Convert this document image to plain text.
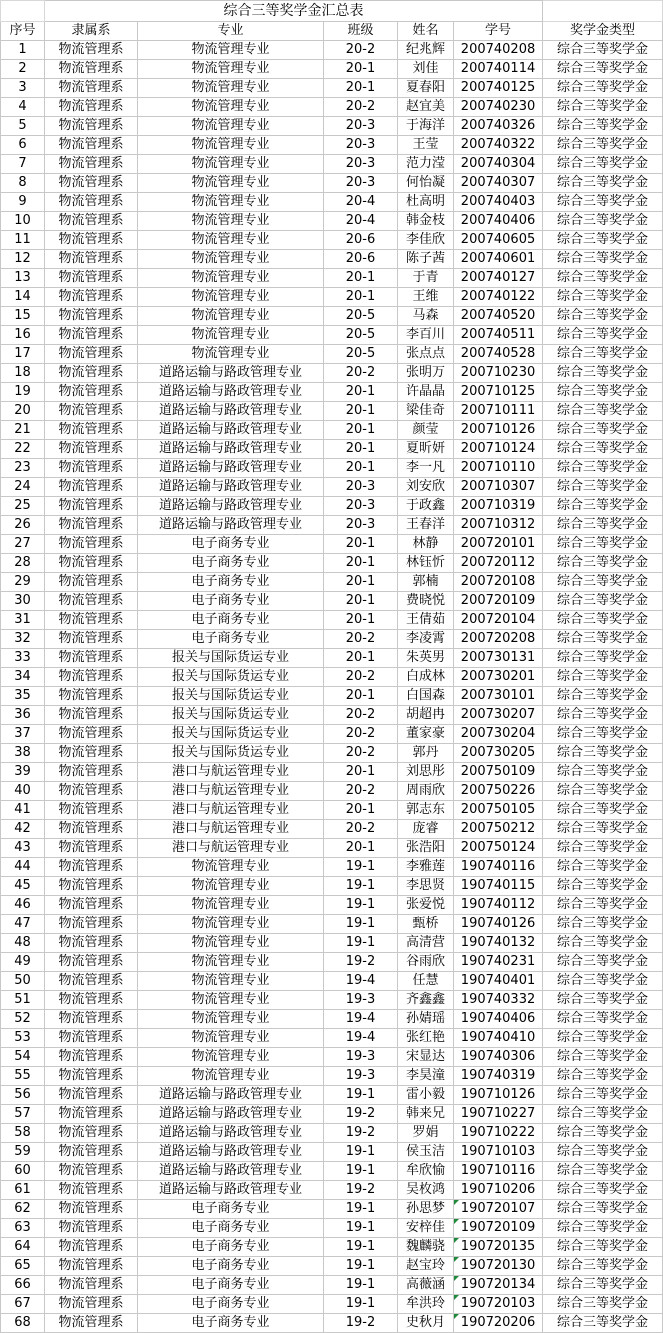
	综合三等奖学金汇总表					
序号	隶属系	专业	班级	姓名	学号	奖学金类型
1	物流管理系	物流管理专业	20-2	纪兆辉	200740208	综合三等奖学金
2	物流管理系	物流管理专业	20-1	刘佳	200740114	综合三等奖学金
3	物流管理系	物流管理专业	20-1	夏春阳	200740125	综合三等奖学金
4	物流管理系	物流管理专业	20-2	赵宜美	200740230	综合三等奖学金
5	物流管理系	物流管理专业	20-3	于海洋	200740326	综合三等奖学金
6	物流管理系	物流管理专业	20-3	王莹	200740322	综合三等奖学金
7	物流管理系	物流管理专业	20-3	范力滢	200740304	综合三等奖学金
8	物流管理系	物流管理专业	20-3	何怡凝	200740307	综合三等奖学金
9	物流管理系	物流管理专业	20-4	杜高明	200740403	综合三等奖学金
10	物流管理系	物流管理专业	20-4	韩金枝	200740406	综合三等奖学金
11	物流管理系	物流管理专业	20-6	李佳欣	200740605	综合三等奖学金
12	物流管理系	物流管理专业	20-6	陈子茜	200740601	综合三等奖学金
13	物流管理系	物流管理专业	20-1	于青	200740127	综合三等奖学金
14	物流管理系	物流管理专业	20-1	王维	200740122	综合三等奖学金
15	物流管理系	物流管理专业	20-5	马森	200740520	综合三等奖学金
16	物流管理系	物流管理专业	20-5	李百川	200740511	综合三等奖学金
17	物流管理系	物流管理专业	20-5	张点点	200740528	综合三等奖学金
18	物流管理系	道路运输与路政管理专业	20-2	张明万	200710230	综合三等奖学金
19	物流管理系	道路运输与路政管理专业	20-1	许晶晶	200710125	综合三等奖学金
20	物流管理系	道路运输与路政管理专业	20-1	梁佳奇	200710111	综合三等奖学金
21	物流管理系	道路运输与路政管理专业	20-1	颜莹	200710126	综合三等奖学金
22	物流管理系	道路运输与路政管理专业	20-1	夏昕妍	200710124	综合三等奖学金
23	物流管理系	道路运输与路政管理专业	20-1	李一凡	200710110	综合三等奖学金
24	物流管理系	道路运输与路政管理专业	20-3	刘安欣	200710307	综合三等奖学金
25	物流管理系	道路运输与路政管理专业	20-3	于政鑫	200710319	综合三等奖学金
26	物流管理系	道路运输与路政管理专业	20-3	王春洋	200710312	综合三等奖学金
27	物流管理系	电子商务专业	20-1	林静	200720101	综合三等奖学金
28	物流管理系	电子商务专业	20-1	林钰忻	200720112	综合三等奖学金
29	物流管理系	电子商务专业	20-1	郭楠	200720108	综合三等奖学金
30	物流管理系	电子商务专业	20-1	费晓悦	200720109	综合三等奖学金
31	物流管理系	电子商务专业	20-1	王倩茹	200720104	综合三等奖学金
32	物流管理系	电子商务专业	20-2	李凌霄	200720208	综合三等奖学金
33	物流管理系	报关与国际货运专业	20-1	朱英男	200730131	综合三等奖学金
34	物流管理系	报关与国际货运专业	20-2	白成林	200730201	综合三等奖学金
35	物流管理系	报关与国际货运专业	20-1	白国森	200730101	综合三等奖学金
36	物流管理系	报关与国际货运专业	20-2	胡超冉	200730207	综合三等奖学金
37	物流管理系	报关与国际货运专业	20-2	董家豪	200730204	综合三等奖学金
38	物流管理系	报关与国际货运专业	20-2	郭丹	200730205	综合三等奖学金
39	物流管理系	港口与航运管理专业	20-1	刘思彤	200750109	综合三等奖学金
40	物流管理系	港口与航运管理专业	20-2	周雨欣	200750226	综合三等奖学金
41	物流管理系	港口与航运管理专业	20-1	郭志东	200750105	综合三等奖学金
42	物流管理系	港口与航运管理专业	20-2	庞睿	200750212	综合三等奖学金
43	物流管理系	港口与航运管理专业	20-1	张浩阳	200750124	综合三等奖学金
44	物流管理系	物流管理专业	19-1	李雅莲	190740116	综合三等奖学金
45	物流管理系	物流管理专业	19-1	李思贤	190740115	综合三等奖学金
46	物流管理系	物流管理专业	19-1	张爱悦	190740112	综合三等奖学金
47	物流管理系	物流管理专业	19-1	甄桥	190740126	综合三等奖学金
48	物流管理系	物流管理专业	19-1	高清营	190740132	综合三等奖学金
49	物流管理系	物流管理专业	19-2	谷雨欣	190740231	综合三等奖学金
50	物流管理系	物流管理专业	19-4	任慧	190740401	综合三等奖学金
51	物流管理系	物流管理专业	19-3	齐鑫鑫	190740332	综合三等奖学金
52	物流管理系	物流管理专业	19-4	孙婧瑶	190740406	综合三等奖学金
53	物流管理系	物流管理专业	19-4	张红艳	190740410	综合三等奖学金
54	物流管理系	物流管理专业	19-3	宋显达	190740306	综合三等奖学金
55	物流管理系	物流管理专业	19-3	李昊潼	190740319	综合三等奖学金
56	物流管理系	道路运输与路政管理专业	19-1	雷小毅	190710126	综合三等奖学金
57	物流管理系	道路运输与路政管理专业	19-2	韩来兄	190710227	综合三等奖学金
58	物流管理系	道路运输与路政管理专业	19-2	罗娟	190710222	综合三等奖学金
59	物流管理系	道路运输与路政管理专业	19-1	侯玉洁	190710103	综合三等奖学金
60	物流管理系	道路运输与路政管理专业	19-1	牟欣愉	190710116	综合三等奖学金
61	物流管理系	道路运输与路政管理专业	19-2	吴枚鸿	190710206	综合三等奖学金
62	物流管理系	电子商务专业	19-1	孙思梦	190720107	综合三等奖学金
63	物流管理系	电子商务专业	19-1	安梓佳	190720109	综合三等奖学金
64	物流管理系	电子商务专业	19-1	魏麟骁	190720135	综合三等奖学金
65	物流管理系	电子商务专业	19-1	赵宝玲	190720130	综合三等奖学金
66	物流管理系	电子商务专业	19-1	高薇涵	190720134	综合三等奖学金
67	物流管理系	电子商务专业	19-1	牟洪玲	190720103	综合三等奖学金
68	物流管理系	电子商务专业	19-2	史秋月	190720206	综合三等奖学金
